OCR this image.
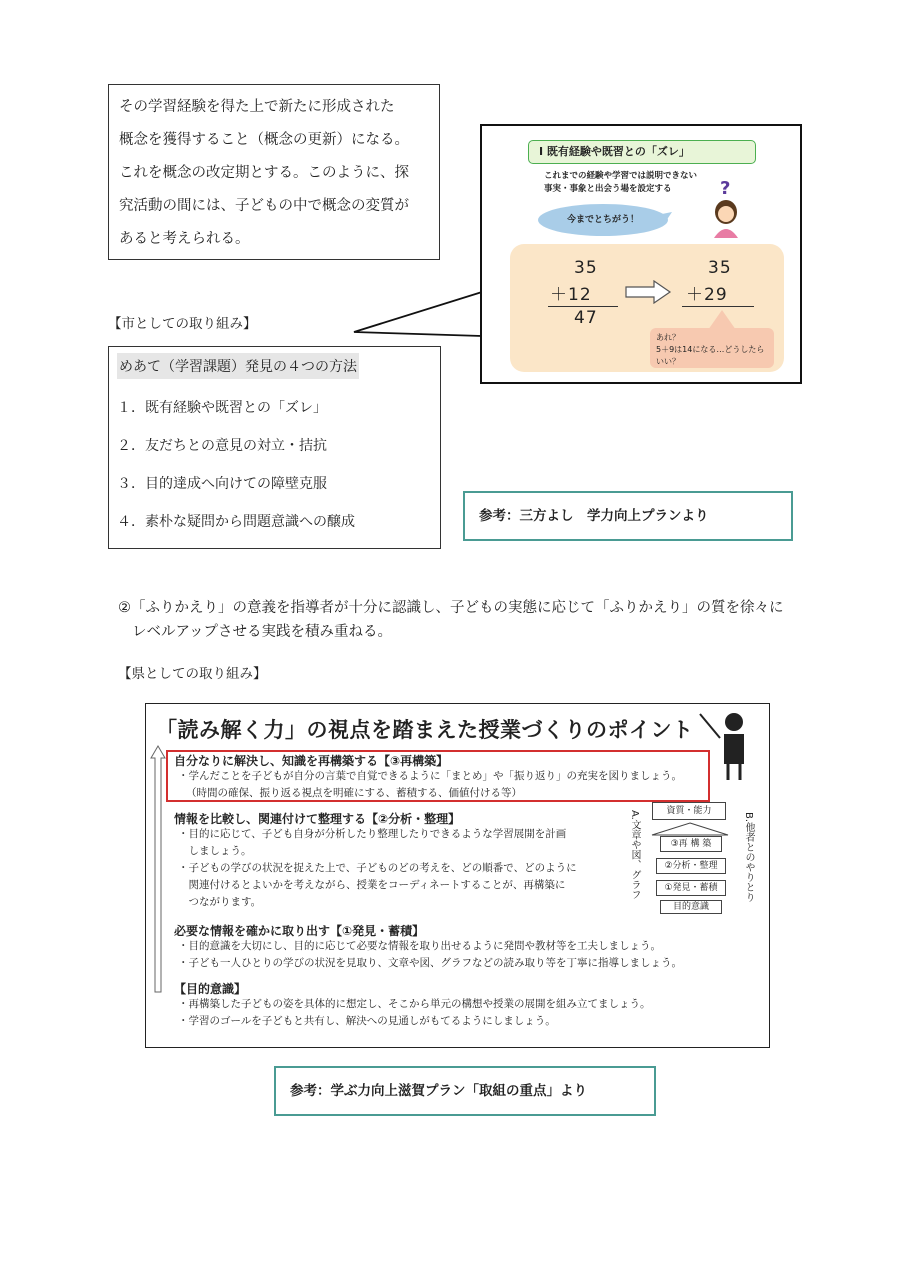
その学習経験を得た上で新たに形成された
概念を獲得すること（概念の更新）になる。
これを概念の改定期とする。このように、探
究活動の間には、子どもの中で概念の変質が
あると考えられる。
【市としての取り組み】
めあて（学習課題）発見の４つの方法
１．既有経験や既習との「ズレ」
２．友だちとの意見の対立・拮抗
３．目的達成へ向けての障壁克服
４．素朴な疑問から問題意識への醸成
Ⅰ 既有経験や既習との「ズレ」
これまでの経験や学習では説明できない
事実・事象と出会う場を設定する
今までとちがう！
?
35
＋12
47
35
＋29
あれ？
5＋9は14になる…どうしたらいい？
参考：三方よし　学力向上プランより
②「ふりかえり」の意義を指導者が十分に認識し、子どもの実態に応じて「ふりかえり」の質を徐々に
レベルアップさせる実践を積み重ねる。
【県としての取り組み】
「読み解く力」の視点を踏まえた授業づくりのポイント
自分なりに解決し、知識を再構築する【③再構築】
・学んだことを子どもが自分の言葉で自覚できるように「まとめ」や「振り返り」の充実を図りましょう。
（時間の確保、振り返る視点を明確にする、蓄積する、価値付ける等）
情報を比較し、関連付けて整理する【②分析・整理】
・目的に応じて、子ども自身が分析したり整理したりできるような学習展開を計画
　しましょう。
・子どもの学びの状況を捉えた上で、子どものどの考えを、どの順番で、どのように
　関連付けるとよいかを考えながら、授業をコーディネートすることが、再構築に
　つながります。
必要な情報を確かに取り出す【①発見・蓄積】
・目的意識を大切にし、目的に応じて必要な情報を取り出せるように発問や教材等を工夫しましょう。
・子ども一人ひとりの学びの状況を見取り、文章や図、グラフなどの読み取り等を丁寧に指導しましょう。
【目的意識】
・再構築した子どもの姿を具体的に想定し、そこから単元の構想や授業の展開を組み立てましょう。
・学習のゴールを子どもと共有し、解決への見通しがもてるようにしましょう。
A.文章や図、グラフ	B.他者とのやりとり
資質・能力
③再 構 築
②分析・整理
①発見・蓄積
目的意識
参考：学ぶ力向上滋賀プラン「取組の重点」より
